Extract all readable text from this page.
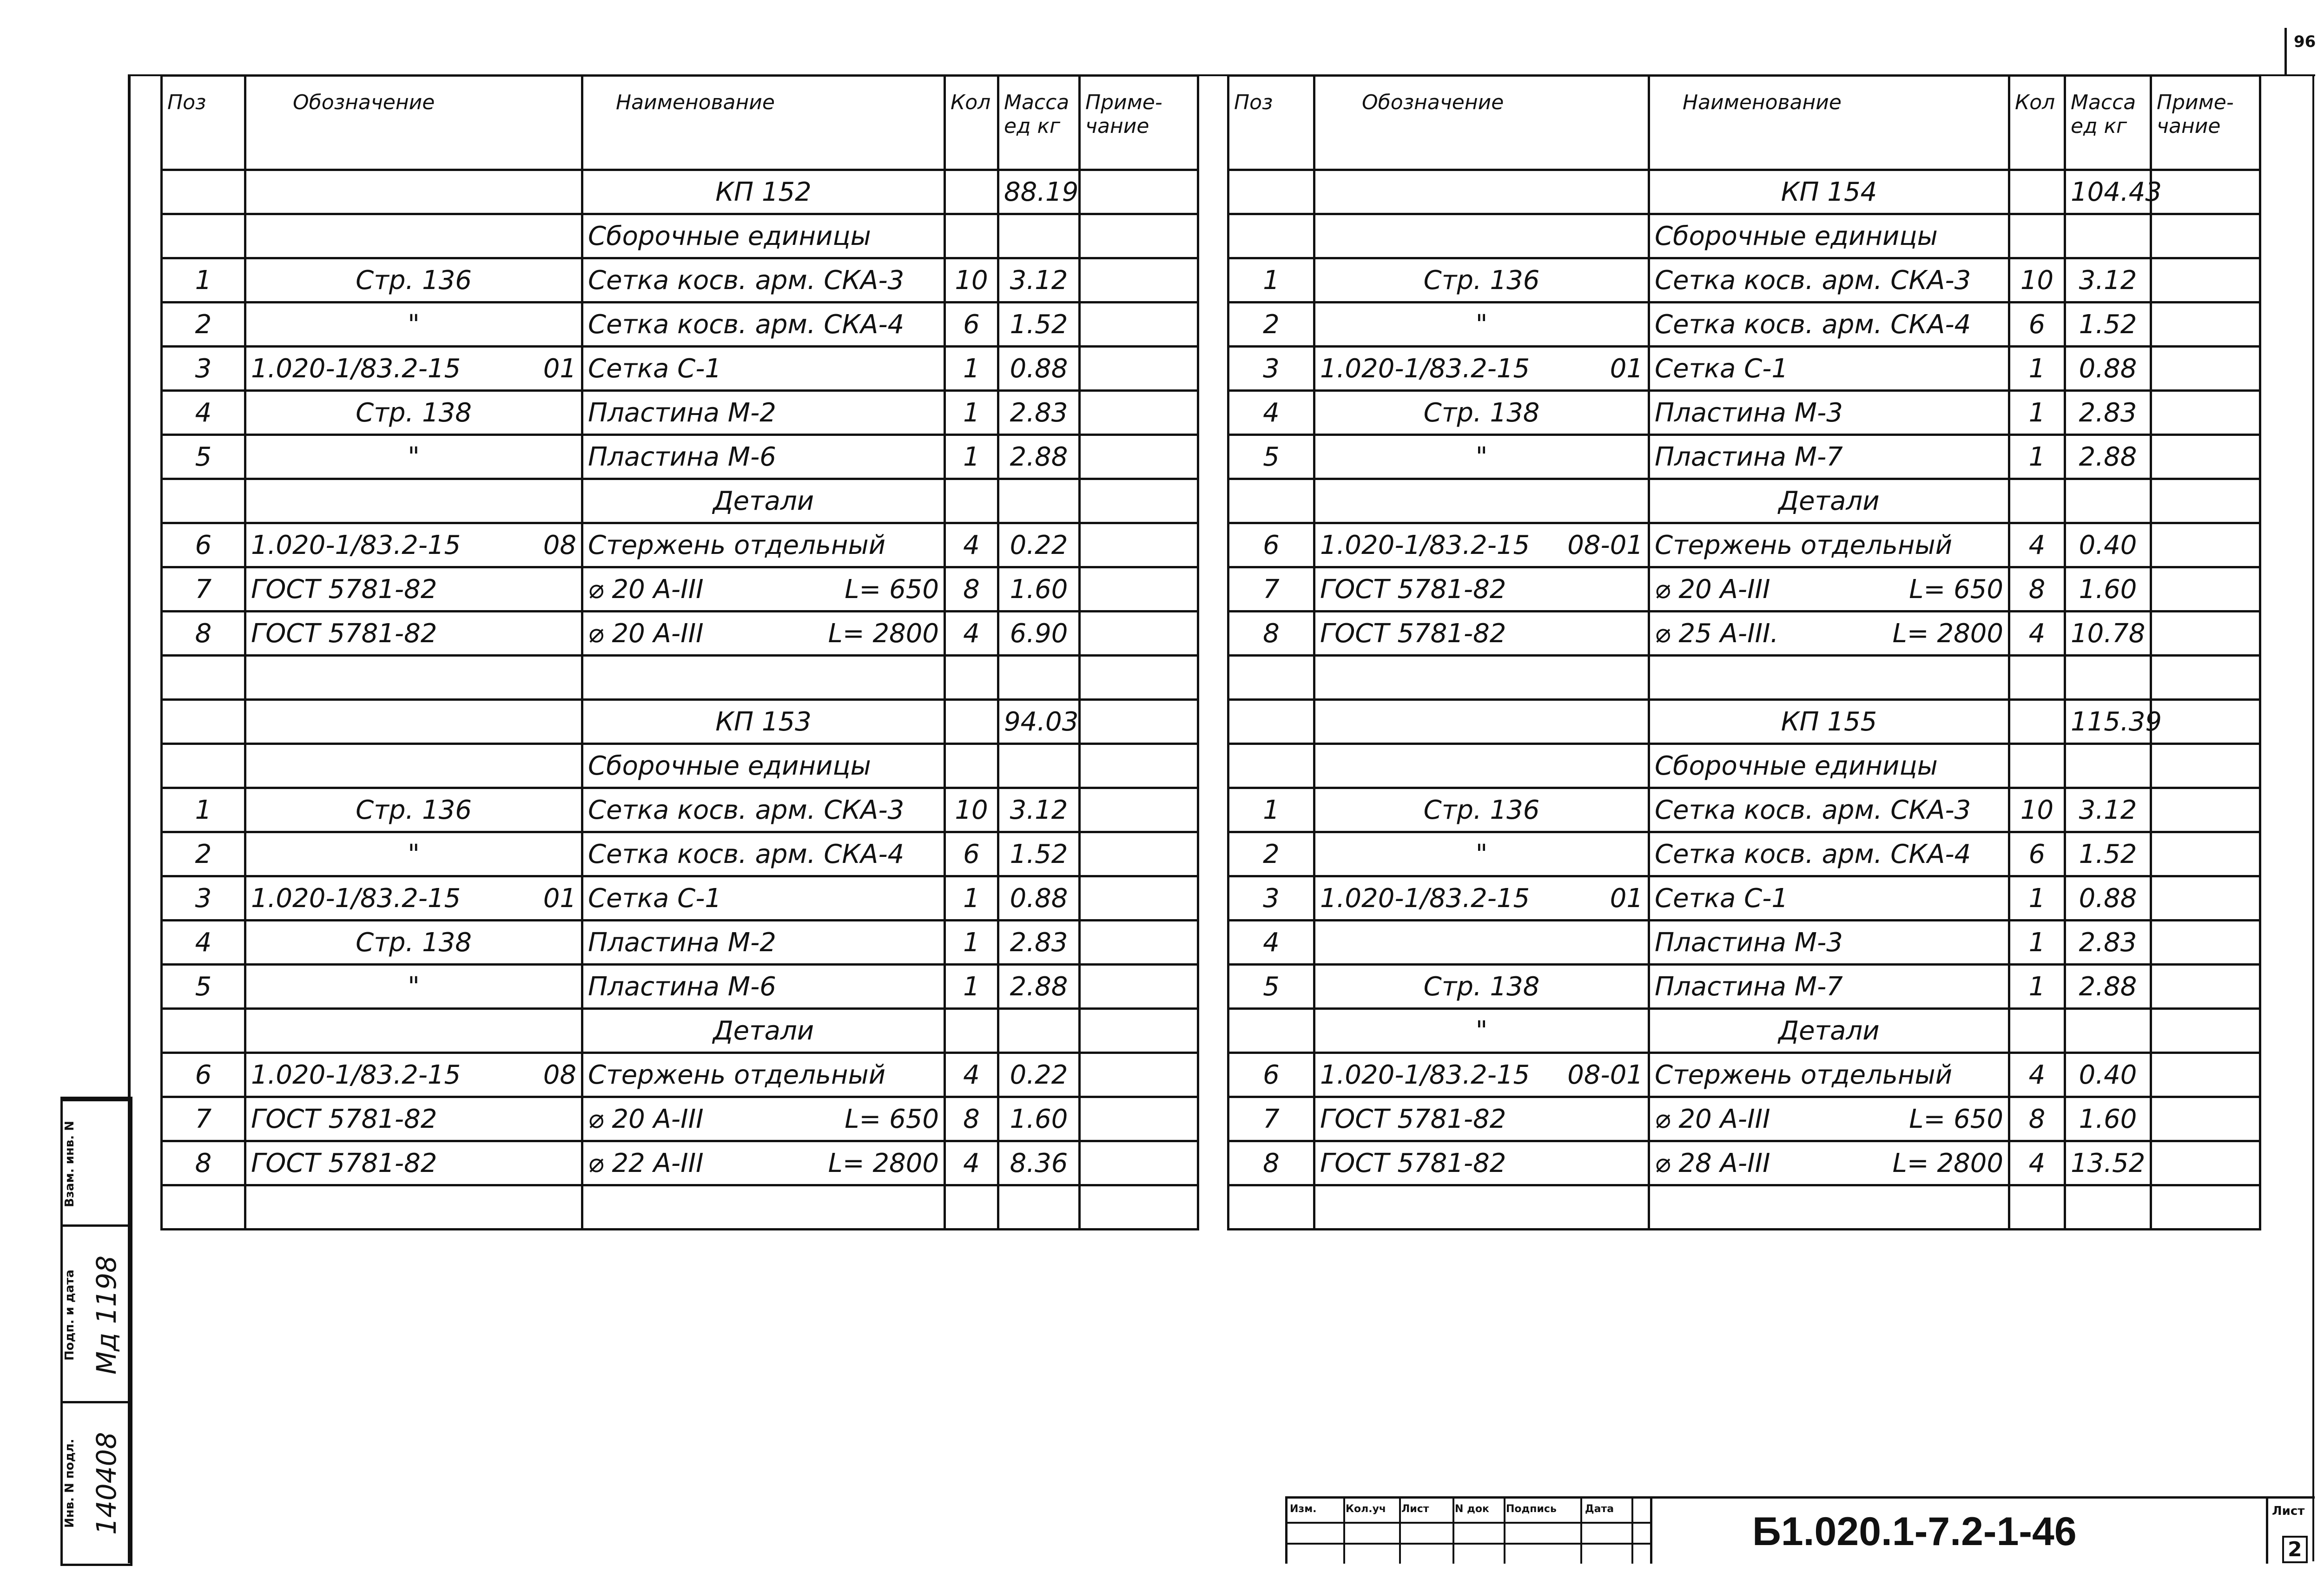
96
Поз	Обозначение	Наименование	Кол	Масса ед кг	Приме- чание
		КП 152		88.19	
		Сборочные единицы			
1	Стр. 136	Сетка косв. арм. СКА-3	10	3.12	
2	"	Сетка косв. арм. СКА-4	6	1.52	
3	1.020-1/83.2-15 01	Сетка С-1	1	0.88	
4	Стр. 138	Пластина М-2	1	2.83	
5	"	Пластина М-6	1	2.88	
		Детали			
6	1.020-1/83.2-15 08	Стержень отдельный	4	0.22	
7	ГОСТ 5781-82	⌀ 20 А-III L= 650	8	1.60	
8	ГОСТ 5781-82	⌀ 20 А-III L= 2800	4	6.90	

		КП 153		94.03	
		Сборочные единицы			
1	Стр. 136	Сетка косв. арм. СКА-3	10	3.12	
2	"	Сетка косв. арм. СКА-4	6	1.52	
3	1.020-1/83.2-15 01	Сетка С-1	1	0.88	
4	Стр. 138	Пластина М-2	1	2.83	
5	"	Пластина М-6	1	2.88	
		Детали			
6	1.020-1/83.2-15 08	Стержень отдельный	4	0.22	
7	ГОСТ 5781-82	⌀ 20 А-III L= 650	8	1.60	
8	ГОСТ 5781-82	⌀ 22 А-III L= 2800	4	8.36	

Поз	Обозначение	Наименование	Кол	Масса ед кг	Приме- чание
		КП 154		104.43	
		Сборочные единицы			
1	Стр. 136	Сетка косв. арм. СКА-3	10	3.12	
2	"	Сетка косв. арм. СКА-4	6	1.52	
3	1.020-1/83.2-15 01	Сетка С-1	1	0.88	
4	Стр. 138	Пластина М-3	1	2.83	
5	"	Пластина М-7	1	2.88	
		Детали			
6	1.020-1/83.2-15 08-01	Стержень отдельный	4	0.40	
7	ГОСТ 5781-82	⌀ 20 А-III L= 650	8	1.60	
8	ГОСТ 5781-82	⌀ 25 А-III. L= 2800	4	10.78	

		КП 155		115.39	
		Сборочные единицы			
1	Стр. 136	Сетка косв. арм. СКА-3	10	3.12	
2	"	Сетка косв. арм. СКА-4	6	1.52	
3	1.020-1/83.2-15 01	Сетка С-1	1	0.88	
4		Пластина М-3	1	2.83	
5	Стр. 138	Пластина М-7	1	2.88	
	"	Детали			
6	1.020-1/83.2-15 08-01	Стержень отдельный	4	0.40	
7	ГОСТ 5781-82	⌀ 20 А-III L= 650	8	1.60	
8	ГОСТ 5781-82	⌀ 28 А-III L= 2800	4	13.52	

Взам. инв. N
Подп. и дата Мд 1198
Инв. N подл. 140408	Изм.	Кол.уч Лист	N док Подпись	Дата
Б1.020.1-7.2-1-46	Лист
2
